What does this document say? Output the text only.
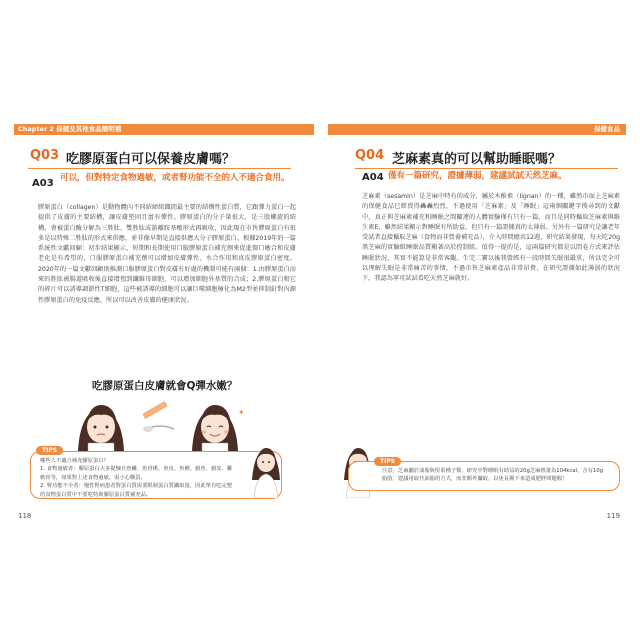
Chapter 2 保健及其他食品簡明補	保健食品
Q03 吃膠原蛋白可以保養皮膚嗎？
A03 可以，但對特定食物過敏，或者腎功能不全的人不適合食用。
膠原蛋白（collagen）是動物體內不同結締組織間最主要的結構性蛋白質，它跟彈力蛋白一起提供了皮膚的主要結構，讓皮膚堅固且富有彈性。膠原蛋白的分子量很大，是三股螺旋的結構，會被蛋白酶分解為三胜肽、雙胜肽或游離胺基酸形式再吸收，因此現在市售膠原蛋白有很多是以特殊二胜肽的形式來供應，並非像早期是直接供應大分子膠原蛋白。根據2019年的一篇系統性文獻回顧：初步結果顯示，短期和長期使用口服膠原蛋白補充劑來促進傷口癒合和皮膚老化是有希望的，口服膠原蛋白補充劑可以增加皮膚彈性、水合作用和真皮膠原蛋白密度。2020年的一篇文獻回顧則推測口服膠原蛋白對皮膚有好處的機制可能有兩個：1.由膠原蛋白而來的胜肽被腸道吸收後直接增殖到纖維母細胞，可以增加細胞外基質的合成；2.膠原蛋白和它的碎片可以誘導調節性T細胞，這些被誘導的細胞可以讓巨噬細胞極化為M2型並抑制針對內源性膠原蛋白的免疫反應，所以可以改善皮膚的健康狀況。
吃膠原蛋白皮膚就會Q彈水嫩？
✦
TIPS
哪些人不適合補充膠原蛋白？
1. 食物過敏者：膠原蛋白大多提煉自魚鱗、魚骨係、魚皮、魚鰾、豬魚、豬皮、雞軟骨等，如果對上述食物過敏，需小心購買。
2. 腎功能不全者：慢性腎病患者對蛋白質需要限制蛋白質攝取量，因此單有吃完整的食物蛋白質中不要吃特與膠原蛋白質補充品。
118
Q04 芝麻素真的可以幫助睡眠嗎？
A04 僅有一篇研究，證據薄弱，建議試試天然芝麻。
芝麻素（sesamin）是芝麻中特有的成分，屬於木酚素（lignan）的一種，雖然市面上芝麻素的保健食品已經賣得轟轟烈烈，不過使用「芝麻素」及「睡眠」這兩個關鍵字搜尋到的文獻中，真正與芝麻素補充和睡眠之間關連的人體實驗僅有只有一篇，而且是同時攝取芝麻素與維生素E，雖然結果顯示對睡眠有所助益，但只有一篇證據真的太薄弱。另外有一篇研究是讓老年受試者直接攝取芝麻（食物而非營養補充品），介入時間總共12週，研究結果發現，每天吃20g黑芝麻的實驗組睡眠品質顯著高於控制組。值得一提的是，這兩篇研究都是以問卷方式來評估睡眠狀況，其實不能算是非常客觀。生完二寶以後我曾經有一段時間失眠很嚴重，所以完全可以理解失眠是非常痛苦的事情，不過市售芝麻素產品非常昂貴，在研究證據如此薄弱的狀況下，我認為寧可試試看吃天然芝麻就好。
TIPS
注意，芝麻屬於油脂與堅果種子類，研究中對睡眠有助益的20g芝麻熱量為104kcal，含有10g脂肪，建議用取代油脂的方式，而非額外攝取，以免長期下來造成肥胖問題喔！
119
